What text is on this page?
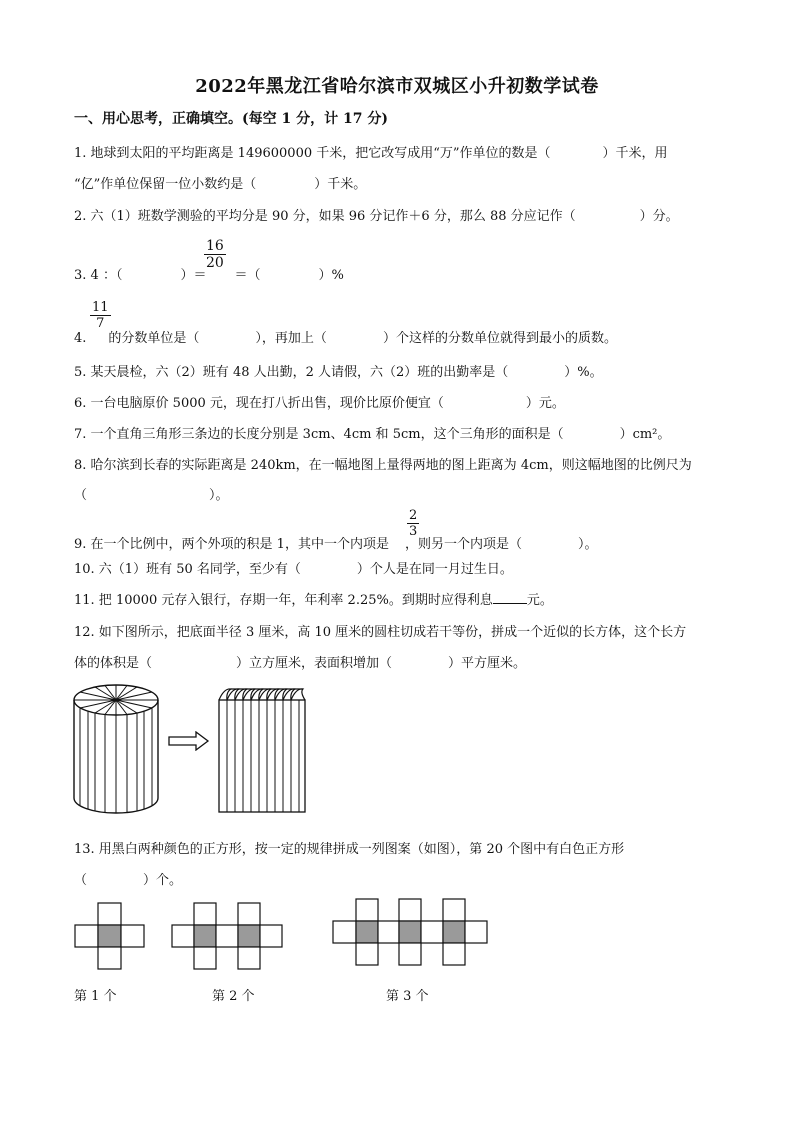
2022年黑龙江省哈尔滨市双城区小升初数学试卷
一、用心思考，正确填空。(每空 1 分，计 17 分)
1. 地球到太阳的平均距离是 149600000 千米，把它改写成用“万”作单位的数是（	）千米，用
“亿”作单位保留一位小数约是（	）千米。
2. 六（1）班数学测验的平均分是 90 分，如果 96 分记作＋6 分，那么 88 分应记作（	）分。
3. 4 ：（	）＝ ＝（	）%
16
20
11
7
4. 的分数单位是（	），再加上（	）个这样的分数单位就得到最小的质数。
5. 某天晨检，六（2）班有 48 人出勤，2 人请假，六（2）班的出勤率是（	）%。
6. 一台电脑原价 5000 元，现在打八折出售，现价比原价便宜（	）元。
7. 一个直角三角形三条边的长度分别是 3cm、4cm 和 5cm，这个三角形的面积是（	）cm²。
8. 哈尔滨到长春的实际距离是 240km，在一幅地图上量得两地的图上距离为 4cm，则这幅地图的比例尺为
（	）。
2
3
9. 在一个比例中，两个外项的积是 1，其中一个内项是 ，则另一个内项是（	）。
10. 六（1）班有 50 名同学，至少有（	）个人是在同一月过生日。
11. 把 10000 元存入银行，存期一年，年利率 2.25%。到期时应得利息	元。
12. 如下图所示，把底面半径 3 厘米，高 10 厘米的圆柱切成若干等份，拼成一个近似的长方体，这个长方
体的体积是（	）立方厘米，表面积增加（	）平方厘米。
13. 用黑白两种颜色的正方形，按一定的规律拼成一列图案（如图），第 20 个图中有白色正方形
（	）个。
第 1 个	第 2 个	第 3 个
